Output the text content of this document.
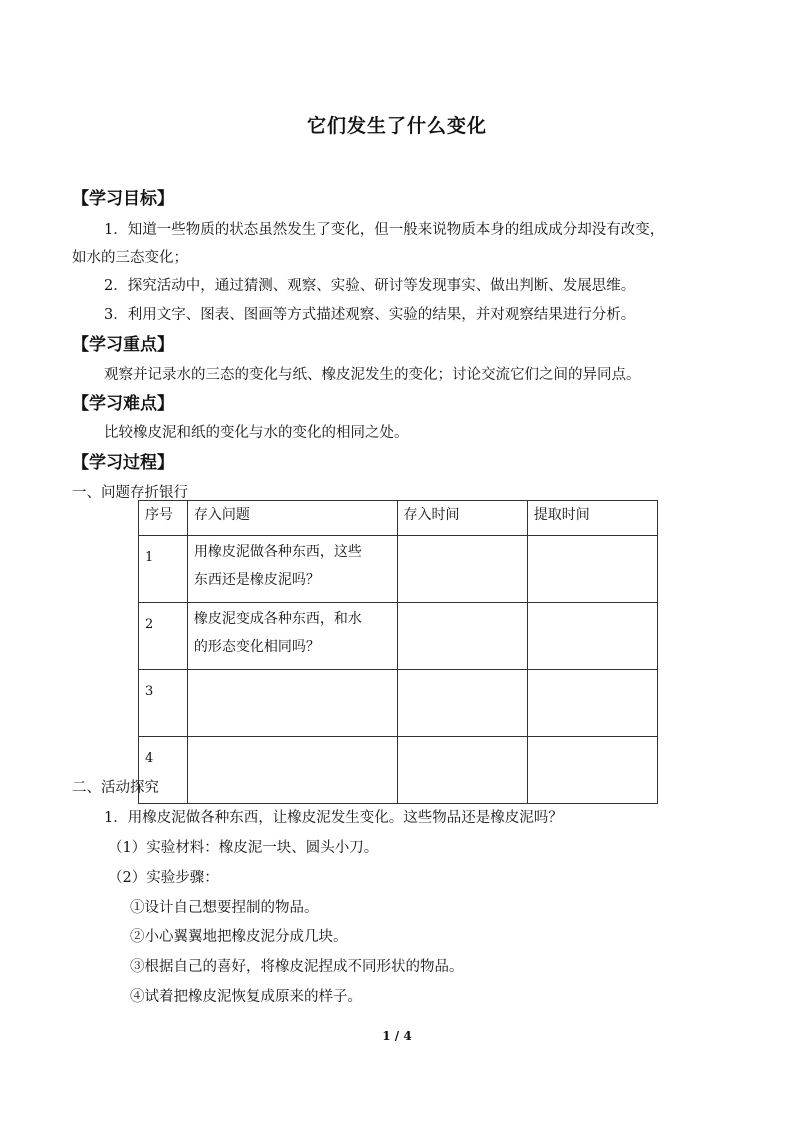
它们发生了什么变化
【学习目标】
1．知道一些物质的状态虽然发生了变化，但一般来说物质本身的组成成分却没有改变，
如水的三态变化；
2．探究活动中，通过猜测、观察、实验、研讨等发现事实、做出判断、发展思维。
3．利用文字、图表、图画等方式描述观察、实验的结果，并对观察结果进行分析。
【学习重点】
观察并记录水的三态的变化与纸、橡皮泥发生的变化；讨论交流它们之间的异同点。
【学习难点】
比较橡皮泥和纸的变化与水的变化的相同之处。
【学习过程】
一、问题存折银行
序号	存入问题	存入时间	提取时间

1	用橡皮泥做各种东西，这些
东西还是橡皮泥吗？		

2	橡皮泥变成各种东西，和水
的形态变化相同吗？		

3	

4	

二、活动探究
1．用橡皮泥做各种东西，让橡皮泥发生变化。这些物品还是橡皮泥吗？
（1）实验材料：橡皮泥一块、圆头小刀。
（2）实验步骤：
①设计自己想要捏制的物品。
②小心翼翼地把橡皮泥分成几块。
③根据自己的喜好，将橡皮泥捏成不同形状的物品。
④试着把橡皮泥恢复成原来的样子。
1 / 4
